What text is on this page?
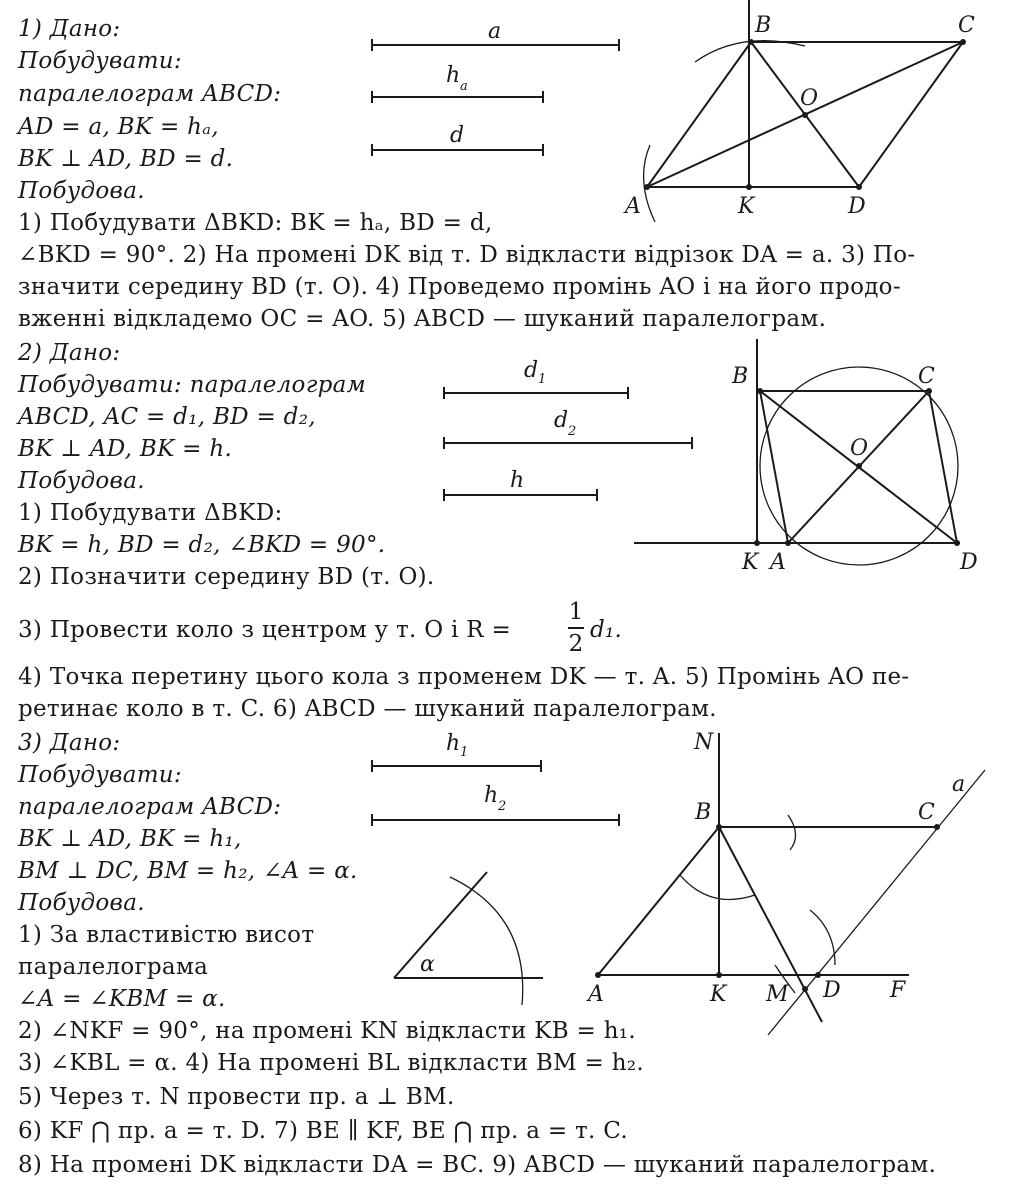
1) Дано:
Побудувати:
паралелограм ABCD:
AD = a, BK = hₐ,
BK ⊥ AD, BD = d.
Побудова.
1) Побудувати ΔBKD: BK = hₐ, BD = d,
∠BKD = 90°. 2) На промені DK від т. D відкласти відрізок DA = a. 3) По-
значити середину BD (т. O). 4) Проведемо промінь AO і на його продо-
вженні відкладемо OC = AO. 5) ABCD — шуканий паралелограм.
a
h a
d
B	C
O
A	K	D
2) Дано:
Побудувати: паралелограм
ABCD, AC = d₁, BD = d₂,
BK ⊥ AD, BK = h.
Побудова.
1) Побудувати ΔBKD:
BK = h, BD = d₂, ∠BKD = 90°.
2) Позначити середину BD (т. O).
3) Провести коло з центром у т. O і R =
1
2
d₁.
4) Точка перетину цього кола з променем DK — т. A. 5) Промінь AO пе-
ретинає коло в т. C. 6) ABCD — шуканий паралелограм.
d 1
d 2
h
B	C
O
K A	D
3) Дано:
Побудувати:
паралелограм ABCD:
BK ⊥ AD, BK = h₁,
BM ⊥ DC, BM = h₂, ∠A = α.
Побудова.
1) За властивістю висот
паралелограма
∠A = ∠KBM = α.
2) ∠NKF = 90°, на промені KN відкласти KB = h₁.
3) ∠KBL = α. 4) На промені BL відкласти BM = h₂.
5) Через т. N провести пр. a ⊥ BM.
6) KF ⋂ пр. a = т. D. 7) BE ∥ KF, BE ⋂ пр. a = т. C.
8) На промені DK відкласти DA = BC. 9) ABCD — шуканий паралелограм.
h 1
h 2
α
N
B	C
a
A	K M D F
